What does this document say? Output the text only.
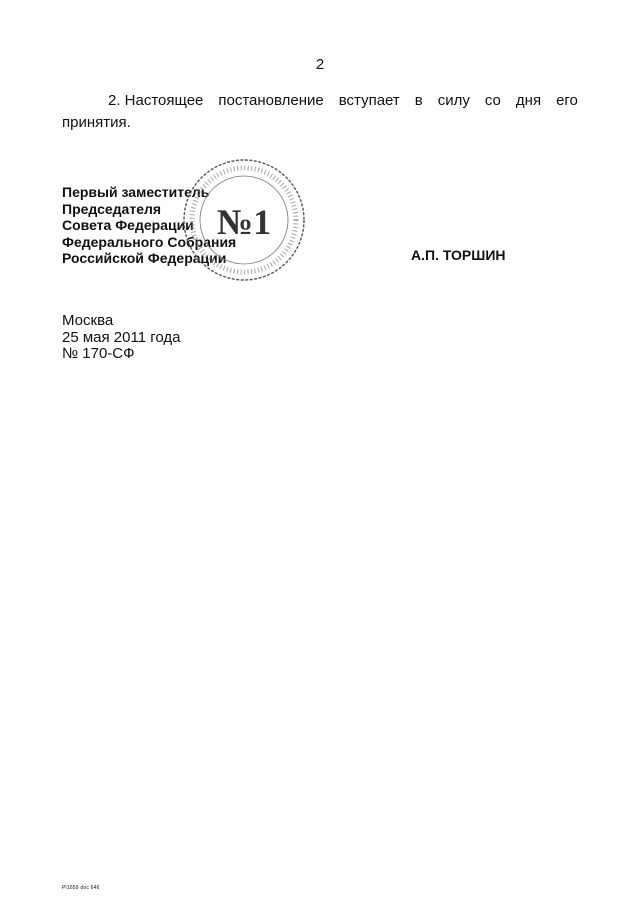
2
2. Настоящее постановление вступает в силу со дня его
принятия.
Первый заместитель
Председателя
Совета Федерации
Федерального Собрания
Российской Федерации
№1
А.П. ТОРШИН
Москва
25 мая 2011 года
№ 170-СФ
Pl1659 doc 646
